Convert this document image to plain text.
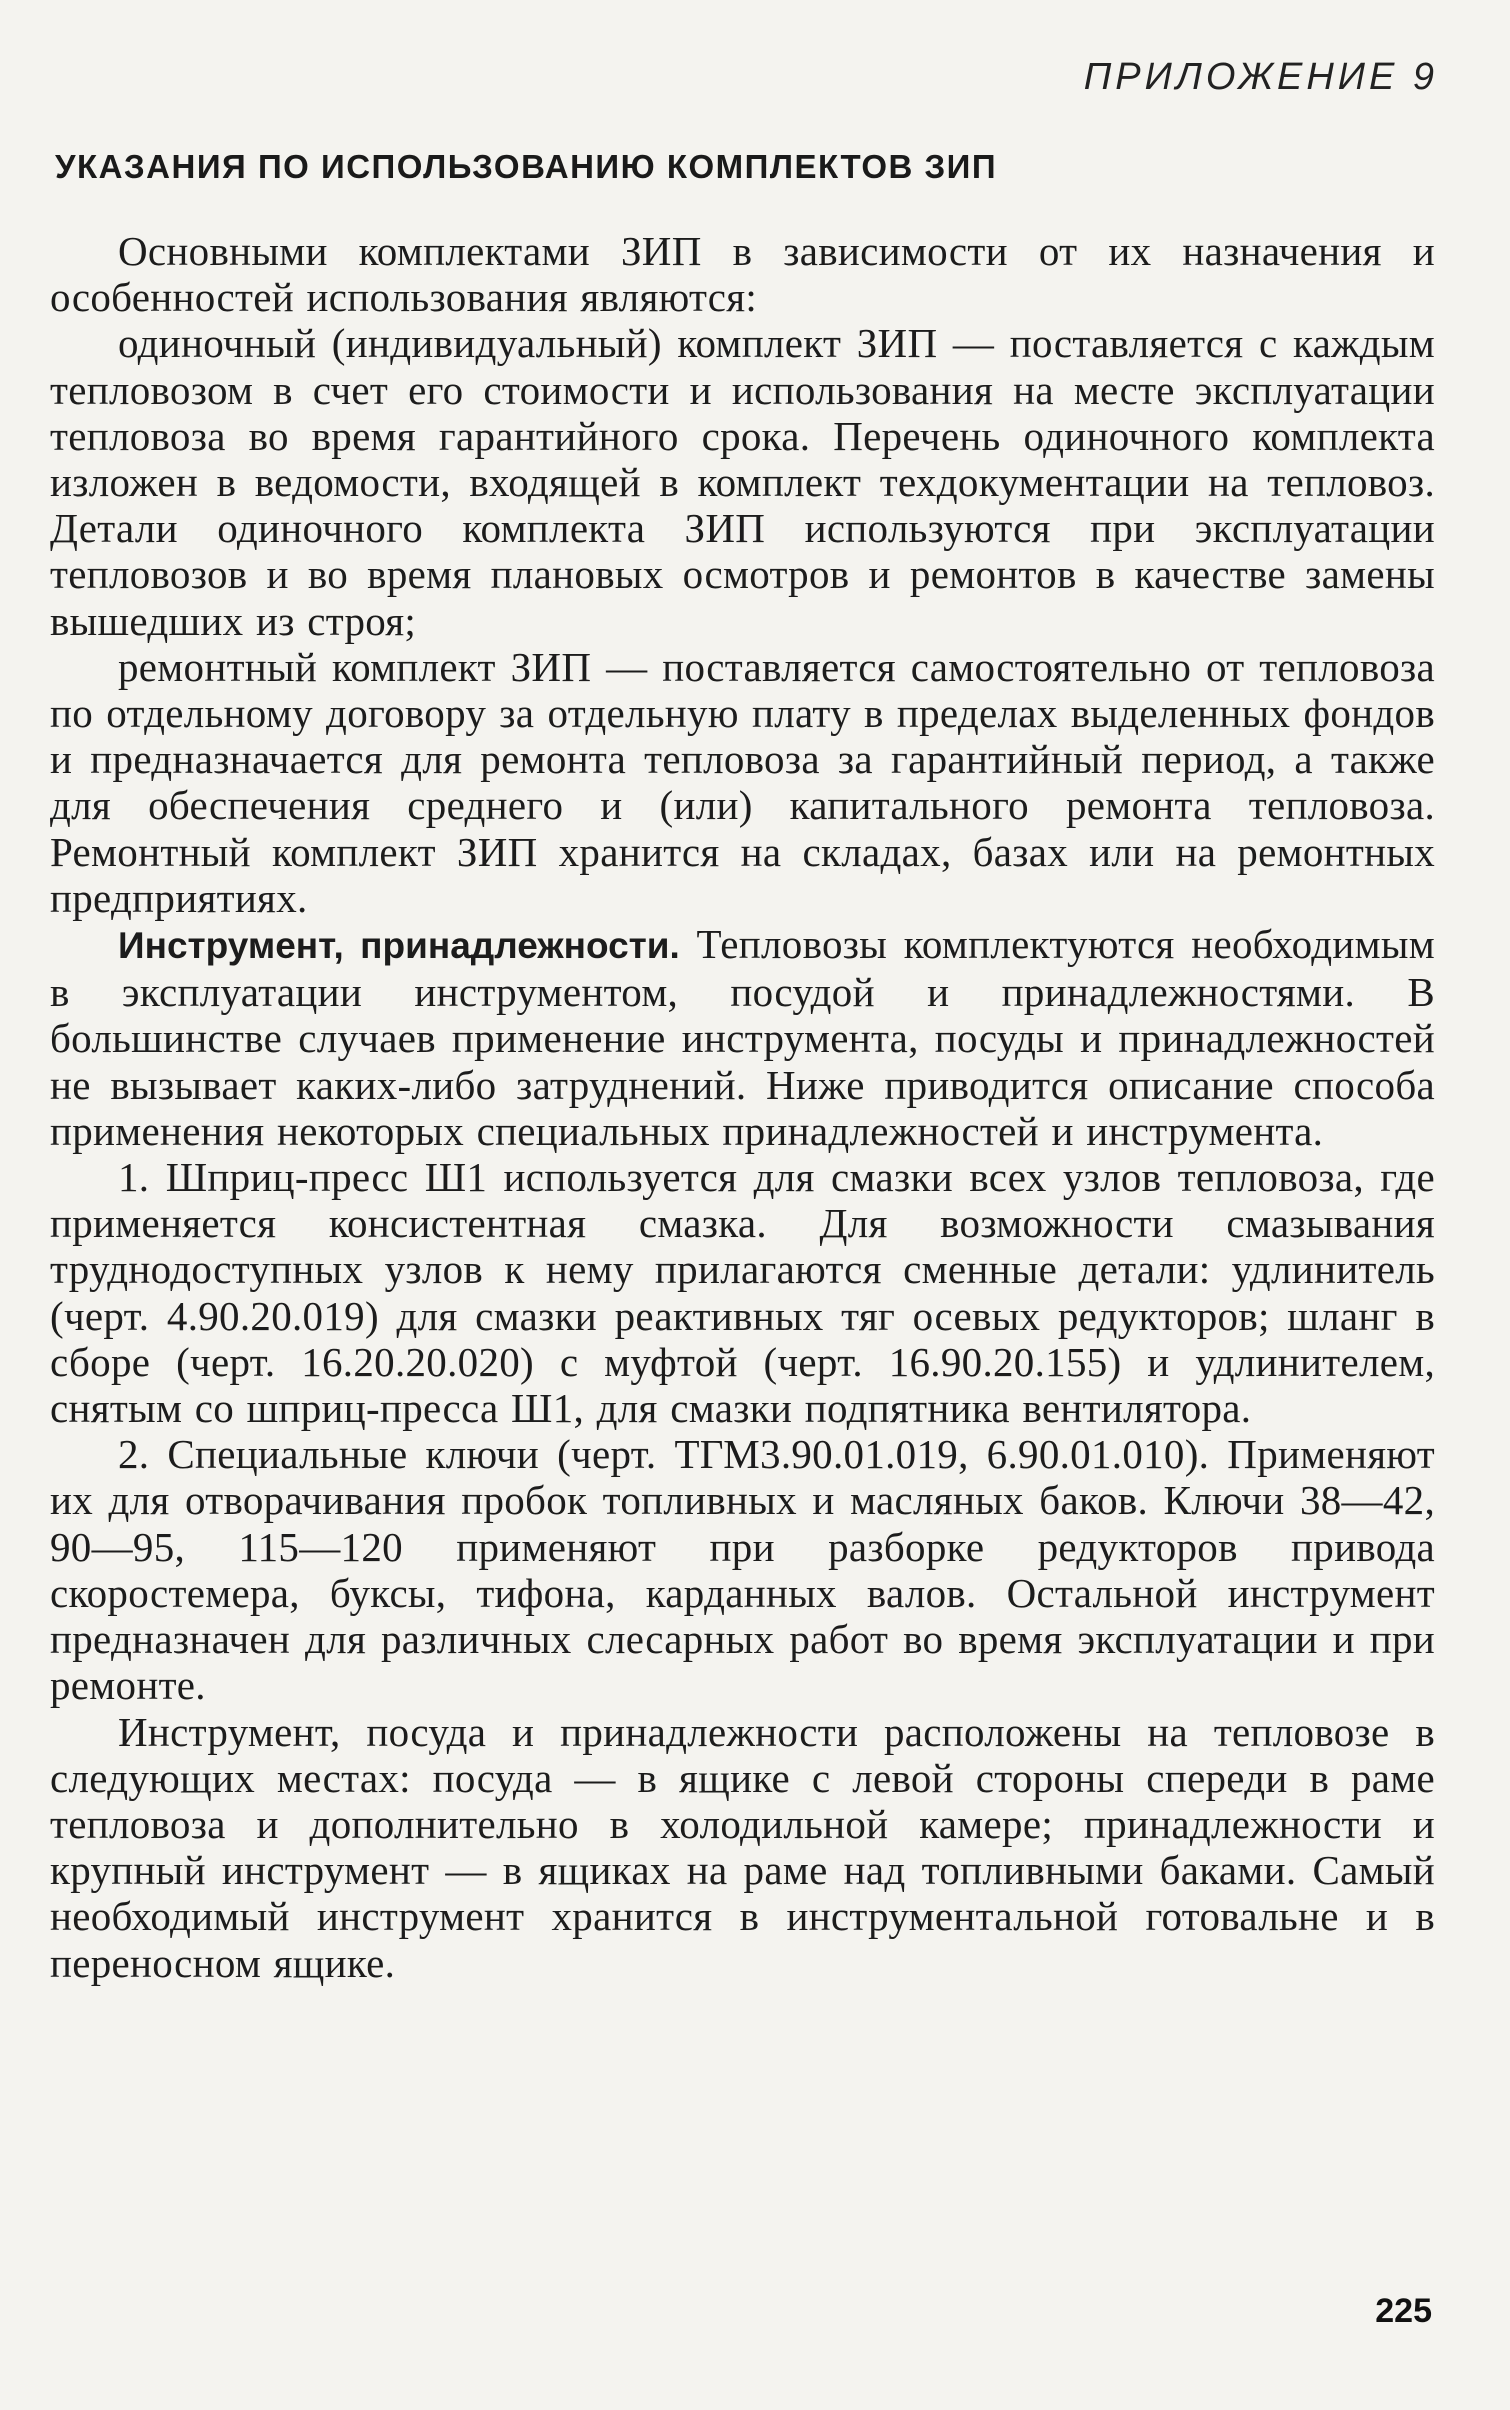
ПРИЛОЖЕНИЕ 9
УКАЗАНИЯ ПО ИСПОЛЬЗОВАНИЮ КОМПЛЕКТОВ ЗИП

Основными комплектами ЗИП в зависимости от их назначения и особенностей использования являются:

одиночный (индивидуальный) комплект ЗИП — поставляется с каждым тепловозом в счет его стоимости и использования на месте эксплуатации тепловоза во время гарантийного срока. Перечень одиночного комплекта изложен в ведомости, входящей в комплект техдокументации на тепловоз. Детали одиночного комплекта ЗИП используются при эксплуатации тепловозов и во время плановых осмотров и ремонтов в качестве замены вышедших из строя;

ремонтный комплект ЗИП — поставляется самостоятельно от тепловоза по отдельному договору за отдельную плату в пределах выделенных фондов и предназначается для ремонта тепловоза за гарантийный период, а также для обеспечения среднего и (или) капитального ремонта тепловоза. Ремонтный комплект ЗИП хранится на складах, базах или на ремонтных предприятиях.

Инструмент, принадлежности. Тепловозы комплектуются необходимым в эксплуатации инструментом, посудой и принадлежностями. В большинстве случаев применение инструмента, посуды и принадлежностей не вызывает каких-либо затруднений. Ниже приводится описание способа применения некоторых специальных принадлежностей и инструмента.

1. Шприц-пресс Ш1 используется для смазки всех узлов тепловоза, где применяется консистентная смазка. Для возможности смазывания труднодоступных узлов к нему прилагаются сменные детали: удлинитель (черт. 4.90.20.019) для смазки реактивных тяг осевых редукторов; шланг в сборе (черт. 16.20.20.020) с муфтой (черт. 16.90.20.155) и удлинителем, снятым со шприц-пресса Ш1, для смазки подпятника вентилятора.

2. Специальные ключи (черт. ТГМ3.90.01.019, 6.90.01.010). Применяют их для отворачивания пробок топливных и масляных баков. Ключи 38—42, 90—95, 115—120 применяют при разборке редукторов привода скоростемера, буксы, тифона, карданных валов. Остальной инструмент предназначен для различных слесарных работ во время эксплуатации и при ремонте.

Инструмент, посуда и принадлежности расположены на тепловозе в следующих местах: посуда — в ящике с левой стороны спереди в раме тепловоза и дополнительно в холодильной камере; принадлежности и крупный инструмент — в ящиках на раме над топливными баками. Самый необходимый инструмент хранится в инструментальной готовальне и в переносном ящике.

225
